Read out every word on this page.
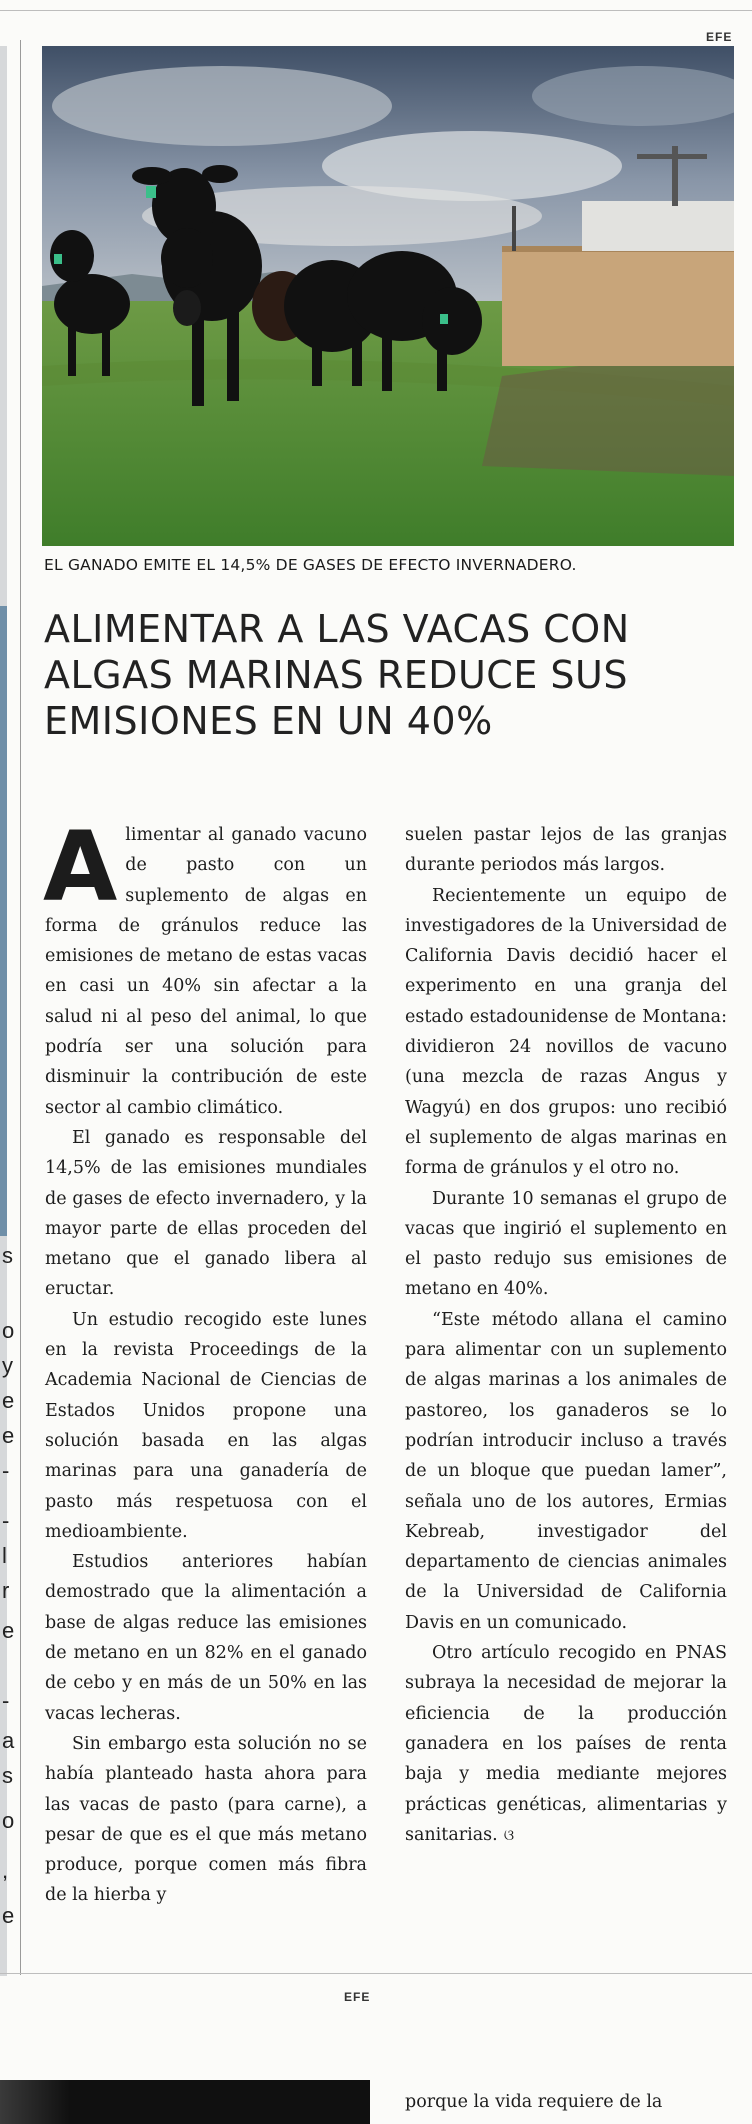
s
o
y
e
e
-
-
l
r
e
-
a
s
o
,
e
EFE
EL GANADO EMITE EL 14,5% DE GASES DE EFECTO INVERNADERO.
ALIMENTAR A LAS VACAS CON ALGAS MARINAS REDUCE SUS EMISIONES EN UN 40%

Alimentar al ganado vacuno de pasto con un suplemento de algas en forma de gránulos reduce las emisiones de metano de estas vacas en casi un 40% sin afectar a la salud ni al peso del animal, lo que podría ser una solución para disminuir la contribución de este sector al cambio climático.

El ganado es responsable del 14,5% de las emisiones mundiales de gases de efecto invernadero, y la mayor parte de ellas proceden del metano que el ganado libera al eructar.

Un estudio recogido este lunes en la revista Proceedings de la Academia Nacional de Ciencias de Estados Unidos propone una solución basada en las algas marinas para una ganadería de pasto más respetuosa con el medioambiente.

Estudios anteriores habían demostrado que la alimentación a base de algas reduce las emisiones de metano en un 82% en el ganado de cebo y en más de un 50% en las vacas lecheras.

Sin embargo esta solución no se había planteado hasta ahora para las vacas de pasto (para carne), a pesar de que es el que más metano produce, porque comen más fibra de la hierba y

suelen pastar lejos de las granjas durante periodos más largos.

Recientemente un equipo de investigadores de la Universidad de California Davis decidió hacer el experimento en una granja del estado estadounidense de Montana: dividieron 24 novillos de vacuno (una mezcla de razas Angus y Wagyú) en dos grupos: uno recibió el suplemento de algas marinas en forma de gránulos y el otro no.

Durante 10 semanas el grupo de vacas que ingirió el suplemento en el pasto redujo sus emisiones de metano en 40%.

“Este método allana el camino para alimentar con un suplemento de algas marinas a los animales de pastoreo, los ganaderos se lo podrían introducir incluso a través de un bloque que puedan lamer”, señala uno de los autores, Ermias Kebreab, investigador del departamento de ciencias animales de la Universidad de California Davis en un comunicado.

Otro artículo recogido en PNAS subraya la necesidad de mejorar la eficiencia de la producción ganadera en los países de renta baja y media mediante mejores prácticas genéticas, alimentarias y sanitarias. ଓ

EFE
porque la vida requiere de la
